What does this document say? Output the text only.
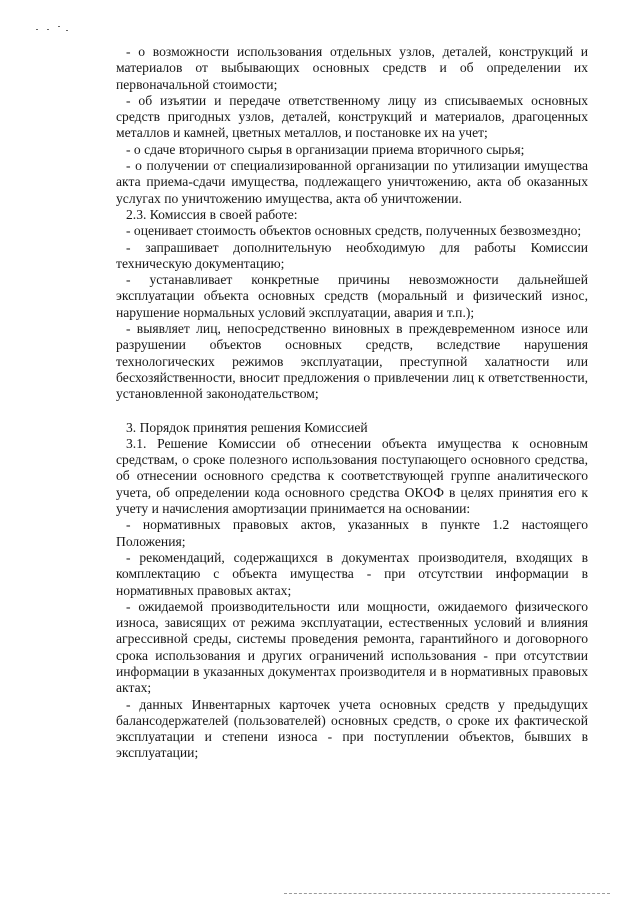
- о возможности использования отдельных узлов, деталей, конструкций и материалов от выбывающих основных средств и об определении их первоначальной стоимости;

- об изъятии и передаче ответственному лицу из списываемых основных средств пригодных узлов, деталей, конструкций и материалов, драгоценных металлов и камней, цветных металлов, и постановке их на учет;

- о сдаче вторичного сырья в организации приема вторичного сырья;

- о получении от специализированной организации по утилизации имущества акта приема-сдачи имущества, подлежащего уничтожению, акта об оказанных услугах по уничтожению имущества, акта об уничтожении.

2.3. Комиссия в своей работе:

- оценивает стоимость объектов основных средств, полученных безвозмездно;

- запрашивает дополнительную необходимую для работы Комиссии техническую документацию;

- устанавливает конкретные причины невозможности дальнейшей эксплуатации объекта основных средств (моральный и физический износ, нарушение нормальных условий эксплуатации, авария и т.п.);

- выявляет лиц, непосредственно виновных в преждевременном износе или разрушении объектов основных средств, вследствие нарушения технологических режимов эксплуатации, преступной халатности или бесхозяйственности, вносит предложения о привлечении лиц к ответственности, установленной законодательством;

3. Порядок принятия решения Комиссией

3.1. Решение Комиссии об отнесении объекта имущества к основным средствам, о сроке полезного использования поступающего основного средства, об отнесении основного средства к соответствующей группе аналитического учета, об определении кода основного средства ОКОФ в целях принятия его к учету и начисления амортизации принимается на основании:

- нормативных правовых актов, указанных в пункте 1.2 настоящего Положения;

- рекомендаций, содержащихся в документах производителя, входящих в комплектацию с объекта имущества - при отсутствии информации в нормативных правовых актах;

- ожидаемой производительности или мощности, ожидаемого физического износа, зависящих от режима эксплуатации, естественных условий и влияния агрессивной среды, системы проведения ремонта, гарантийного и договорного срока использования и других ограничений использования - при отсутствии информации в указанных документах производителя и в нормативных правовых актах;

- данных Инвентарных карточек учета основных средств у предыдущих балансодержателей (пользователей) основных средств, о сроке их фактической эксплуатации и степени износа - при поступлении объектов, бывших в эксплуатации;
